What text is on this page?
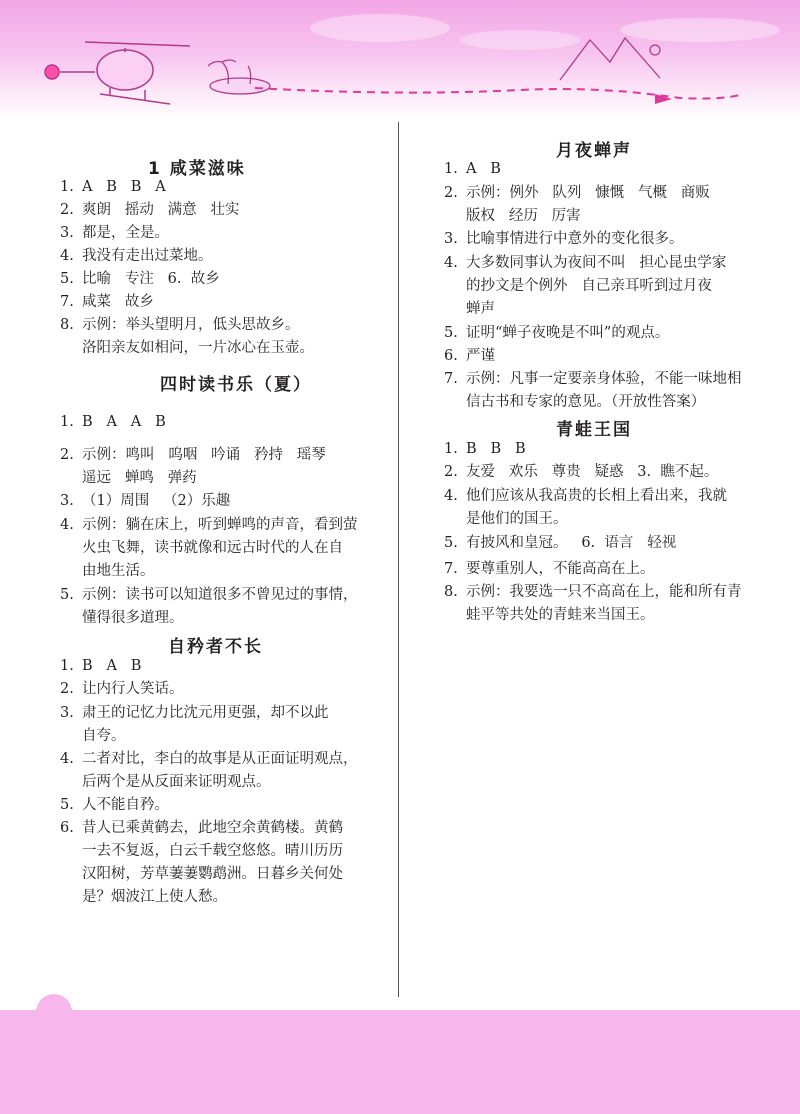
1 咸菜滋味
1. A   B   B   A
2. 爽朗   摇动   满意   壮实
3. 都是，全是。
4. 我没有走出过菜地。
5. 比喻   专注   6.  故乡
7. 咸菜   故乡
8. 示例：举头望明月，低头思故乡。
洛阳亲友如相问，一片冰心在玉壶。
四时读书乐（夏）
1. B   A   A   B
2. 示例：鸣叫   呜咽   吟诵   矜持   瑶琴
遥远   蝉鸣   弹药
3. （1）周围   （2）乐趣
4. 示例：躺在床上，听到蝉鸣的声音，看到萤
火虫飞舞，读书就像和远古时代的人在自
由地生活。
5. 示例：读书可以知道很多不曾见过的事情，
懂得很多道理。
自矜者不长
1. B   A   B
2. 让内行人笑话。
3. 肃王的记忆力比沈元用更强，却不以此
自夸。
4. 二者对比，李白的故事是从正面证明观点，
后两个是从反面来证明观点。
5. 人不能自矜。
6. 昔人已乘黄鹤去，此地空余黄鹤楼。黄鹤
一去不复返，白云千载空悠悠。晴川历历
汉阳树，芳草萋萋鹦鹉洲。日暮乡关何处
是？烟波江上使人愁。
月夜蝉声
1. A   B
2. 示例：例外   队列   慷慨   气概   商贩
版权   经历   厉害
3. 比喻事情进行中意外的变化很多。
4. 大多数同事认为夜间不叫   担心昆虫学家
的抄文是个例外   自己亲耳听到过月夜
蝉声
5. 证明“蝉子夜晚是不叫”的观点。
6. 严谨
7. 示例：凡事一定要亲身体验，不能一味地相
信古书和专家的意见。（开放性答案）
青蛙王国
1. B   B   B
2. 友爱   欢乐   尊贵   疑惑   3.  瞧不起。
4. 他们应该从我高贵的长相上看出来，我就
是他们的国王。
5. 有披风和皇冠。   6.  语言   轻视
7. 要尊重别人，不能高高在上。
8. 示例：我要选一只不高高在上，能和所有青
蛙平等共处的青蛙来当国王。
